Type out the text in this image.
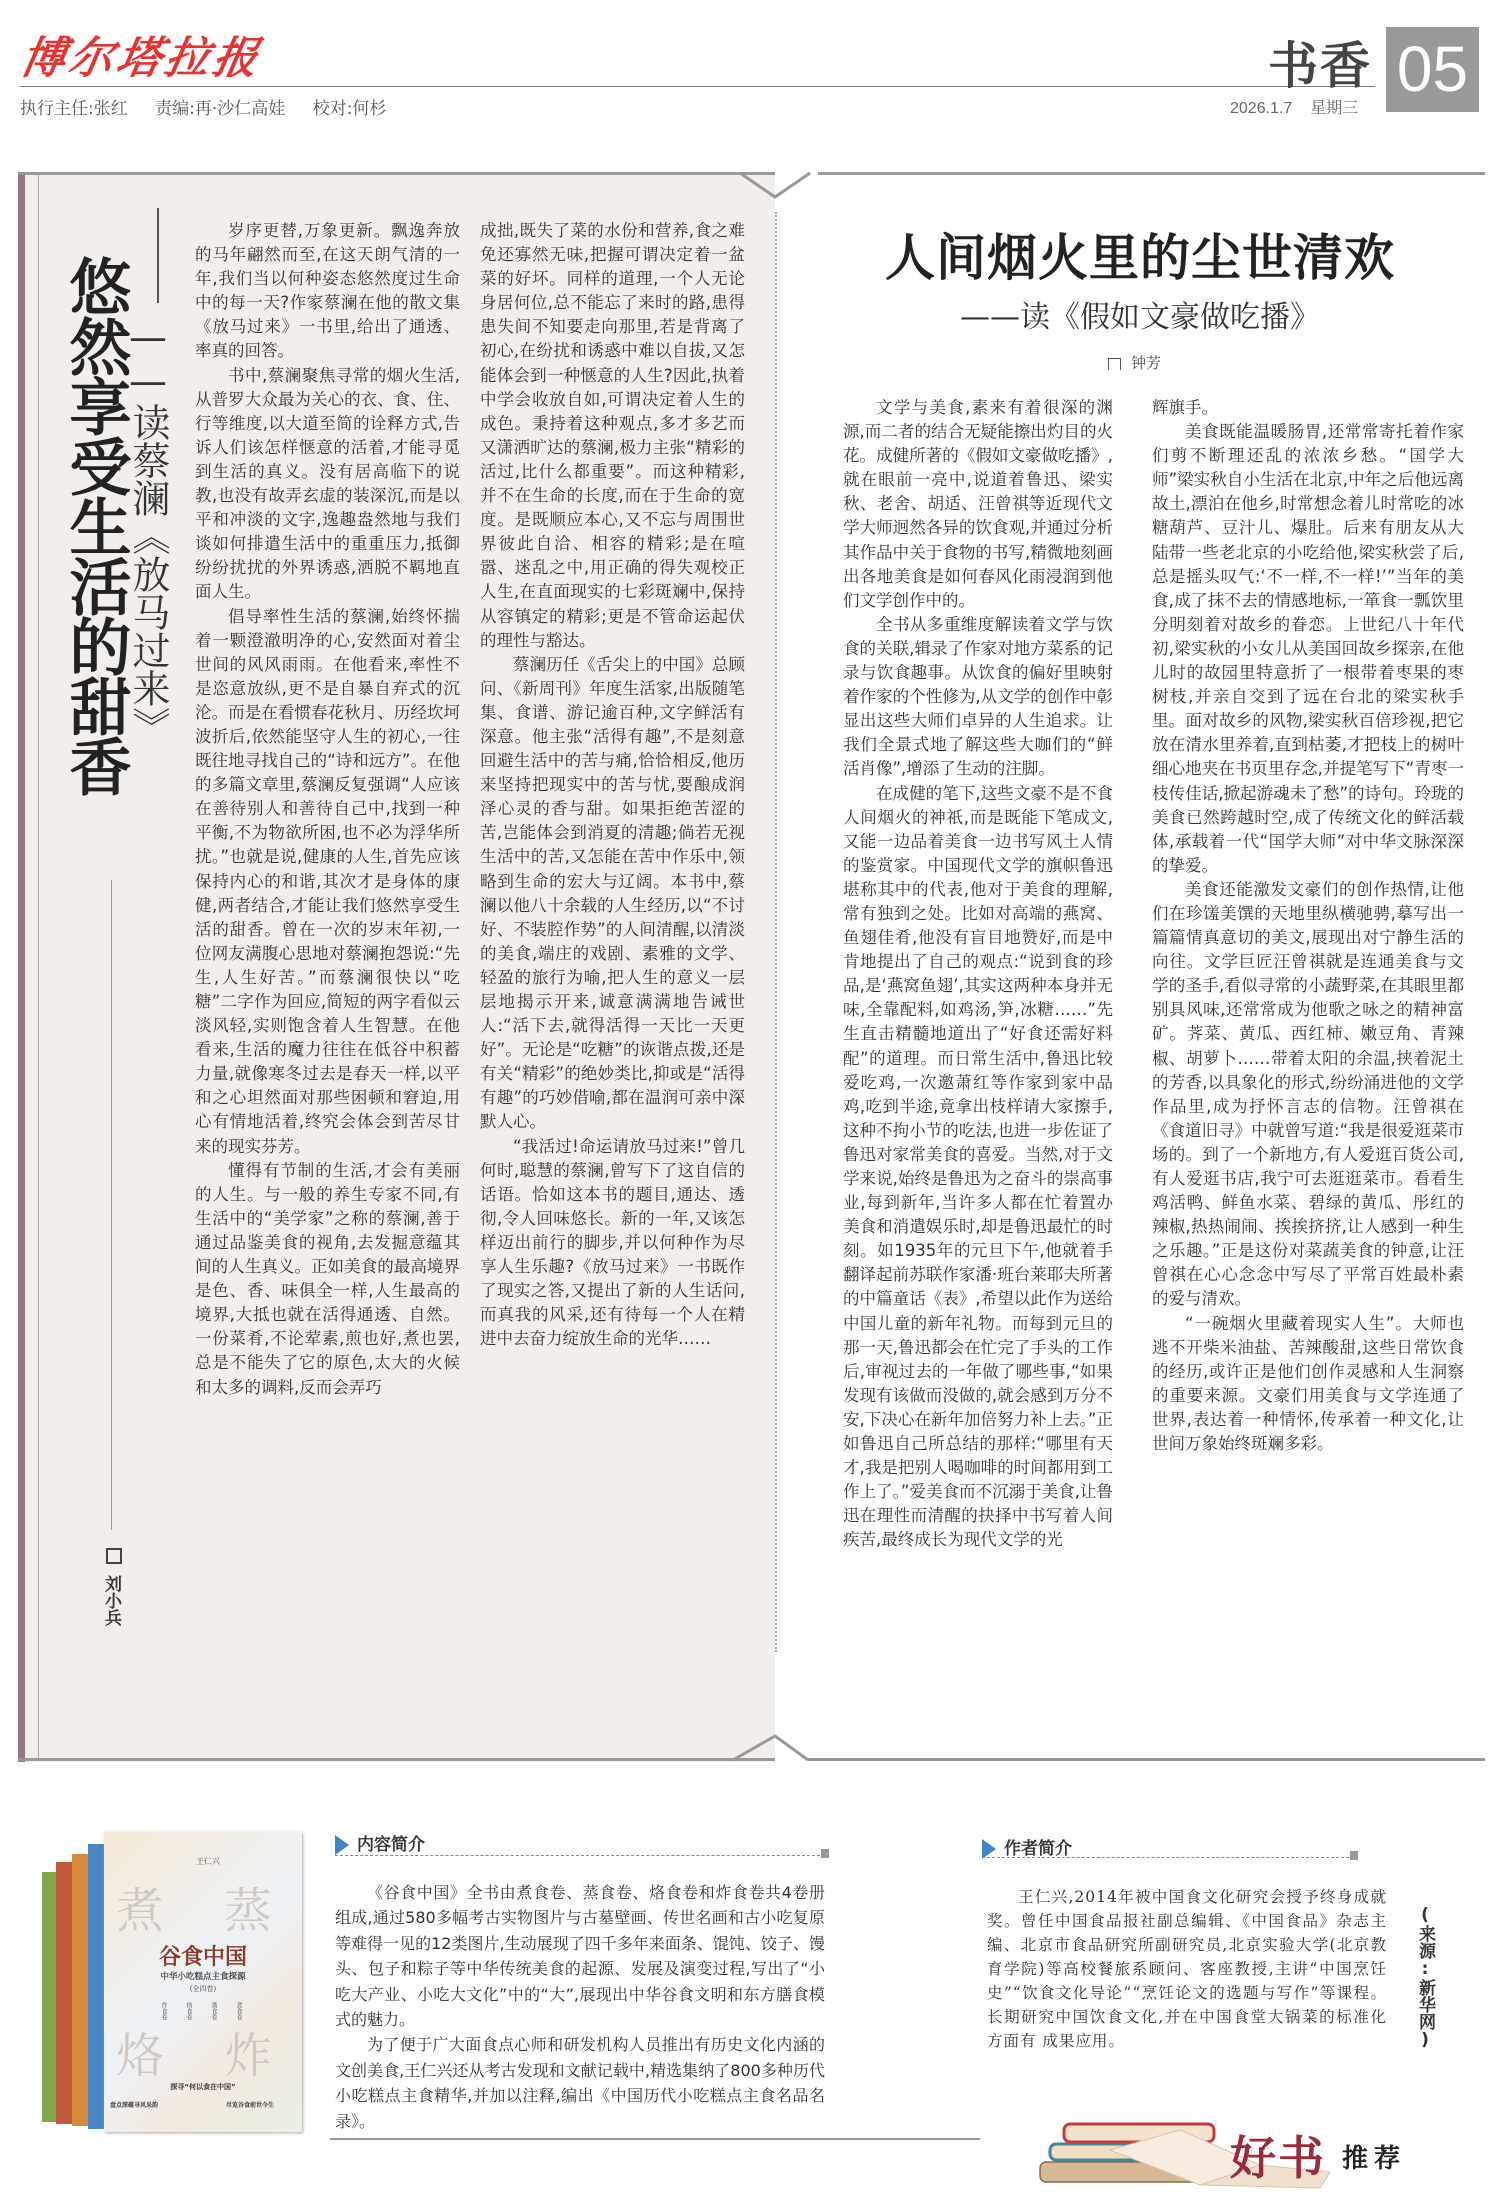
博尔塔拉报
执行主任:张红 责编:再·沙仁高娃 校对:何杉
书香 05
2026.1.7 星期三
悠然享受生活的甜香
——读蔡澜《放马过来》
刘小兵

岁序更替,万象更新。飘逸奔放的马年翩然而至,在这天朗气清的一年,我们当以何种姿态悠然度过生命中的每一天?作家蔡澜在他的散文集《放马过来》一书里,给出了通透、率真的回答。

书中,蔡澜聚焦寻常的烟火生活,从普罗大众最为关心的衣、食、住、行等维度,以大道至简的诠释方式,告诉人们该怎样惬意的活着,才能寻觅到生活的真义。没有居高临下的说教,也没有故弄玄虚的装深沉,而是以平和冲淡的文字,逸趣盎然地与我们谈如何排遣生活中的重重压力,抵御纷纷扰扰的外界诱惑,洒脱不羁地直面人生。

倡导率性生活的蔡澜,始终怀揣着一颗澄澈明净的心,安然面对着尘世间的风风雨雨。在他看来,率性不是恣意放纵,更不是自暴自弃式的沉沦。而是在看惯春花秋月、历经坎坷波折后,依然能坚守人生的初心,一往既往地寻找自己的“诗和远方”。在他的多篇文章里,蔡澜反复强调“人应该在善待别人和善待自己中,找到一种平衡,不为物欲所困,也不必为浮华所扰。”也就是说,健康的人生,首先应该保持内心的和谐,其次才是身体的康健,两者结合,才能让我们悠然享受生活的甜香。曾在一次的岁末年初,一位网友满腹心思地对蔡澜抱怨说:“先生,人生好苦。”而蔡澜很快以“吃糖”二字作为回应,简短的两字看似云淡风轻,实则饱含着人生智慧。在他看来,生活的魔力往往在低谷中积蓄力量,就像寒冬过去是春天一样,以平和之心坦然面对那些困顿和窘迫,用心有情地活着,终究会体会到苦尽甘来的现实芬芳。

懂得有节制的生活,才会有美丽的人生。与一般的养生专家不同,有生活中的“美学家”之称的蔡澜,善于通过品鉴美食的视角,去发掘意蕴其间的人生真义。正如美食的最高境界是色、香、味俱全一样,人生最高的境界,大抵也就在活得通透、自然。一份菜肴,不论荤素,煎也好,煮也罢,总是不能失了它的原色,太大的火候和太多的调料,反而会弄巧

成拙,既失了菜的水份和营养,食之难免还寡然无味,把握可谓决定着一盆菜的好坏。同样的道理,一个人无论身居何位,总不能忘了来时的路,患得患失间不知要走向那里,若是背离了初心,在纷扰和诱惑中难以自拔,又怎能体会到一种惬意的人生?因此,执着中学会收放自如,可谓决定着人生的成色。秉持着这种观点,多才多艺而又潇洒旷达的蔡澜,极力主张“精彩的活过,比什么都重要”。而这种精彩,并不在生命的长度,而在于生命的宽度。是既顺应本心,又不忘与周围世界彼此自洽、相容的精彩;是在喧嚣、迷乱之中,用正确的得失观校正人生,在直面现实的七彩斑斓中,保持从容镇定的精彩;更是不管命运起伏的理性与豁达。

蔡澜历任《舌尖上的中国》总顾问、《新周刊》年度生活家,出版随笔集、食谱、游记逾百种,文字鲜活有深意。他主张“活得有趣”,不是刻意回避生活中的苦与痛,恰恰相反,他历来坚持把现实中的苦与忧,要酿成润泽心灵的香与甜。如果拒绝苦涩的苦,岂能体会到消夏的清趣;倘若无视生活中的苦,又怎能在苦中作乐中,领略到生命的宏大与辽阔。本书中,蔡澜以他八十余载的人生经历,以“不讨好、不装腔作势”的人间清醒,以清淡的美食,端庄的戏剧、素雅的文学、轻盈的旅行为喻,把人生的意义一层层地揭示开来,诚意满满地告诫世人:“活下去,就得活得一天比一天更好”。无论是“吃糖”的诙谐点拨,还是有关“精彩”的绝妙类比,抑或是“活得有趣”的巧妙借喻,都在温润可亲中深默人心。

“我活过!命运请放马过来!”曾几何时,聪慧的蔡澜,曾写下了这自信的话语。恰如这本书的题目,通达、透彻,令人回味悠长。新的一年,又该怎样迈出前行的脚步,并以何种作为尽享人生乐趣?《放马过来》一书既作了现实之答,又提出了新的人生话问,而真我的风采,还有待每一个人在精进中去奋力绽放生命的光华……

人间烟火里的尘世清欢
——读《假如文豪做吃播》
钟芳

文学与美食,素来有着很深的渊源,而二者的结合无疑能擦出灼目的火花。成健所著的《假如文豪做吃播》,就在眼前一亮中,说道着鲁迅、梁实秋、老舍、胡适、汪曾祺等近现代文学大师迥然各异的饮食观,并通过分析其作品中关于食物的书写,精微地刻画出各地美食是如何春风化雨浸润到他们文学创作中的。

全书从多重维度解读着文学与饮食的关联,辑录了作家对地方菜系的记录与饮食趣事。从饮食的偏好里映射着作家的个性修为,从文学的创作中彰显出这些大师们卓异的人生追求。让我们全景式地了解这些大咖们的“鲜活肖像”,增添了生动的注脚。

在成健的笔下,这些文豪不是不食人间烟火的神祇,而是既能下笔成文,又能一边品着美食一边书写风土人情的鉴赏家。中国现代文学的旗帜鲁迅堪称其中的代表,他对于美食的理解,常有独到之处。比如对高端的燕窝、鱼翅佳肴,他没有盲目地赞好,而是中肯地提出了自己的观点:“说到食的珍品,是‘燕窝鱼翅’,其实这两种本身并无味,全靠配料,如鸡汤,笋,冰糖……”先生直击精髓地道出了“好食还需好料配”的道理。而日常生活中,鲁迅比较爱吃鸡,一次邀萧红等作家到家中品鸡,吃到半途,竟拿出枝样请大家擦手,这种不拘小节的吃法,也进一步佐证了鲁迅对家常美食的喜爱。当然,对于文学来说,始终是鲁迅为之奋斗的崇高事业,每到新年,当许多人都在忙着置办美食和消遣娱乐时,却是鲁迅最忙的时刻。如1935年的元旦下午,他就着手翻译起前苏联作家潘·班台莱耶夫所著的中篇童话《表》,希望以此作为送给中国儿童的新年礼物。而每到元旦的那一天,鲁迅都会在忙完了手头的工作后,审视过去的一年做了哪些事,“如果发现有该做而没做的,就会感到万分不安,下决心在新年加倍努力补上去。”正如鲁迅自己所总结的那样:“哪里有天才,我是把别人喝咖啡的时间都用到工作上了。”爱美食而不沉溺于美食,让鲁迅在理性而清醒的抉择中书写着人间疾苦,最终成长为现代文学的光

辉旗手。

美食既能温暖肠胃,还常常寄托着作家们剪不断理还乱的浓浓乡愁。“国学大师”梁实秋自小生活在北京,中年之后他远离故土,漂泊在他乡,时常想念着儿时常吃的冰糖葫芦、豆汁儿、爆肚。后来有朋友从大陆带一些老北京的小吃给他,梁实秋尝了后,总是摇头叹气:‘不一样,不一样!’”当年的美食,成了抹不去的情感地标,一箪食一瓢饮里分明刻着对故乡的眷恋。上世纪八十年代初,梁实秋的小女儿从美国回故乡探亲,在他儿时的故园里特意折了一根带着枣果的枣树枝,并亲自交到了远在台北的梁实秋手里。面对故乡的风物,梁实秋百倍珍视,把它放在清水里养着,直到枯萎,才把枝上的树叶细心地夹在书页里存念,并提笔写下“青枣一枝传佳话,掀起游魂未了愁”的诗句。玲珑的美食已然跨越时空,成了传统文化的鲜活载体,承载着一代“国学大师”对中华文脉深深的挚爱。

美食还能激发文豪们的创作热情,让他们在珍馐美馔的天地里纵横驰骋,摹写出一篇篇情真意切的美文,展现出对宁静生活的向往。文学巨匠汪曾祺就是连通美食与文学的圣手,看似寻常的小蔬野菜,在其眼里都别具风味,还常常成为他歌之咏之的精神富矿。荠菜、黄瓜、西红柿、嫩豆角、青辣椒、胡萝卜……带着太阳的余温,挟着泥土的芳香,以具象化的形式,纷纷涌进他的文学作品里,成为抒怀言志的信物。汪曾祺在《食道旧寻》中就曾写道:“我是很爱逛菜市场的。到了一个新地方,有人爱逛百货公司,有人爱逛书店,我宁可去逛逛菜市。看看生鸡活鸭、鲜鱼水菜、碧绿的黄瓜、彤红的辣椒,热热闹闹、挨挨挤挤,让人感到一种生之乐趣。”正是这份对菜蔬美食的钟意,让汪曾祺在心心念念中写尽了平常百姓最朴素的爱与清欢。

“一碗烟火里藏着现实人生”。大师也逃不开柴米油盐、苦辣酸甜,这些日常饮食的经历,或许正是他们创作灵感和人生洞察的重要来源。文豪们用美食与文学连通了世界,表达着一种情怀,传承着一种文化,让世间万象始终斑斓多彩。

王仁兴
煮 蒸
烙 炸
谷食中国
中华小吃糕点主食探源
(全四卷)
炸食卷	烙食卷	蒸食卷	煮食卷
探寻“何以食在中国”
盘点深蕴寻风呆韵	尽览谷食前世今生
内容简介

《谷食中国》全书由煮食卷、蒸食卷、烙食卷和炸食卷共4卷册组成,通过580多幅考古实物图片与古墓壁画、传世名画和古小吃复原等难得一见的12类图片,生动展现了四千多年来面条、馄饨、饺子、馒头、包子和粽子等中华传统美食的起源、发展及演变过程,写出了“小吃大产业、小吃大文化”中的“大”,展现出中华谷食文明和东方膳食模式的魅力。

为了便于广大面食点心师和研发机构人员推出有历史文化内涵的文创美食,王仁兴还从考古发现和文献记载中,精选集纳了800多种历代小吃糕点主食精华,并加以注释,编出《中国历代小吃糕点主食名品名录》。

作者简介

王仁兴,2014年被中国食文化研究会授予终身成就奖。曾任中国食品报社副总编辑、《中国食品》杂志主编、北京市食品研究所副研究员,北京实验大学(北京教育学院)等高校餐旅系顾问、客座教授,主讲“中国烹饪 史”“饮食文化导论”“烹饪论文的选题与写作”等课程。长期研究中国饮食文化,并在中国食堂大锅菜的标准化方面有 成果应用。	(来源:新华网)
好书 推荐
